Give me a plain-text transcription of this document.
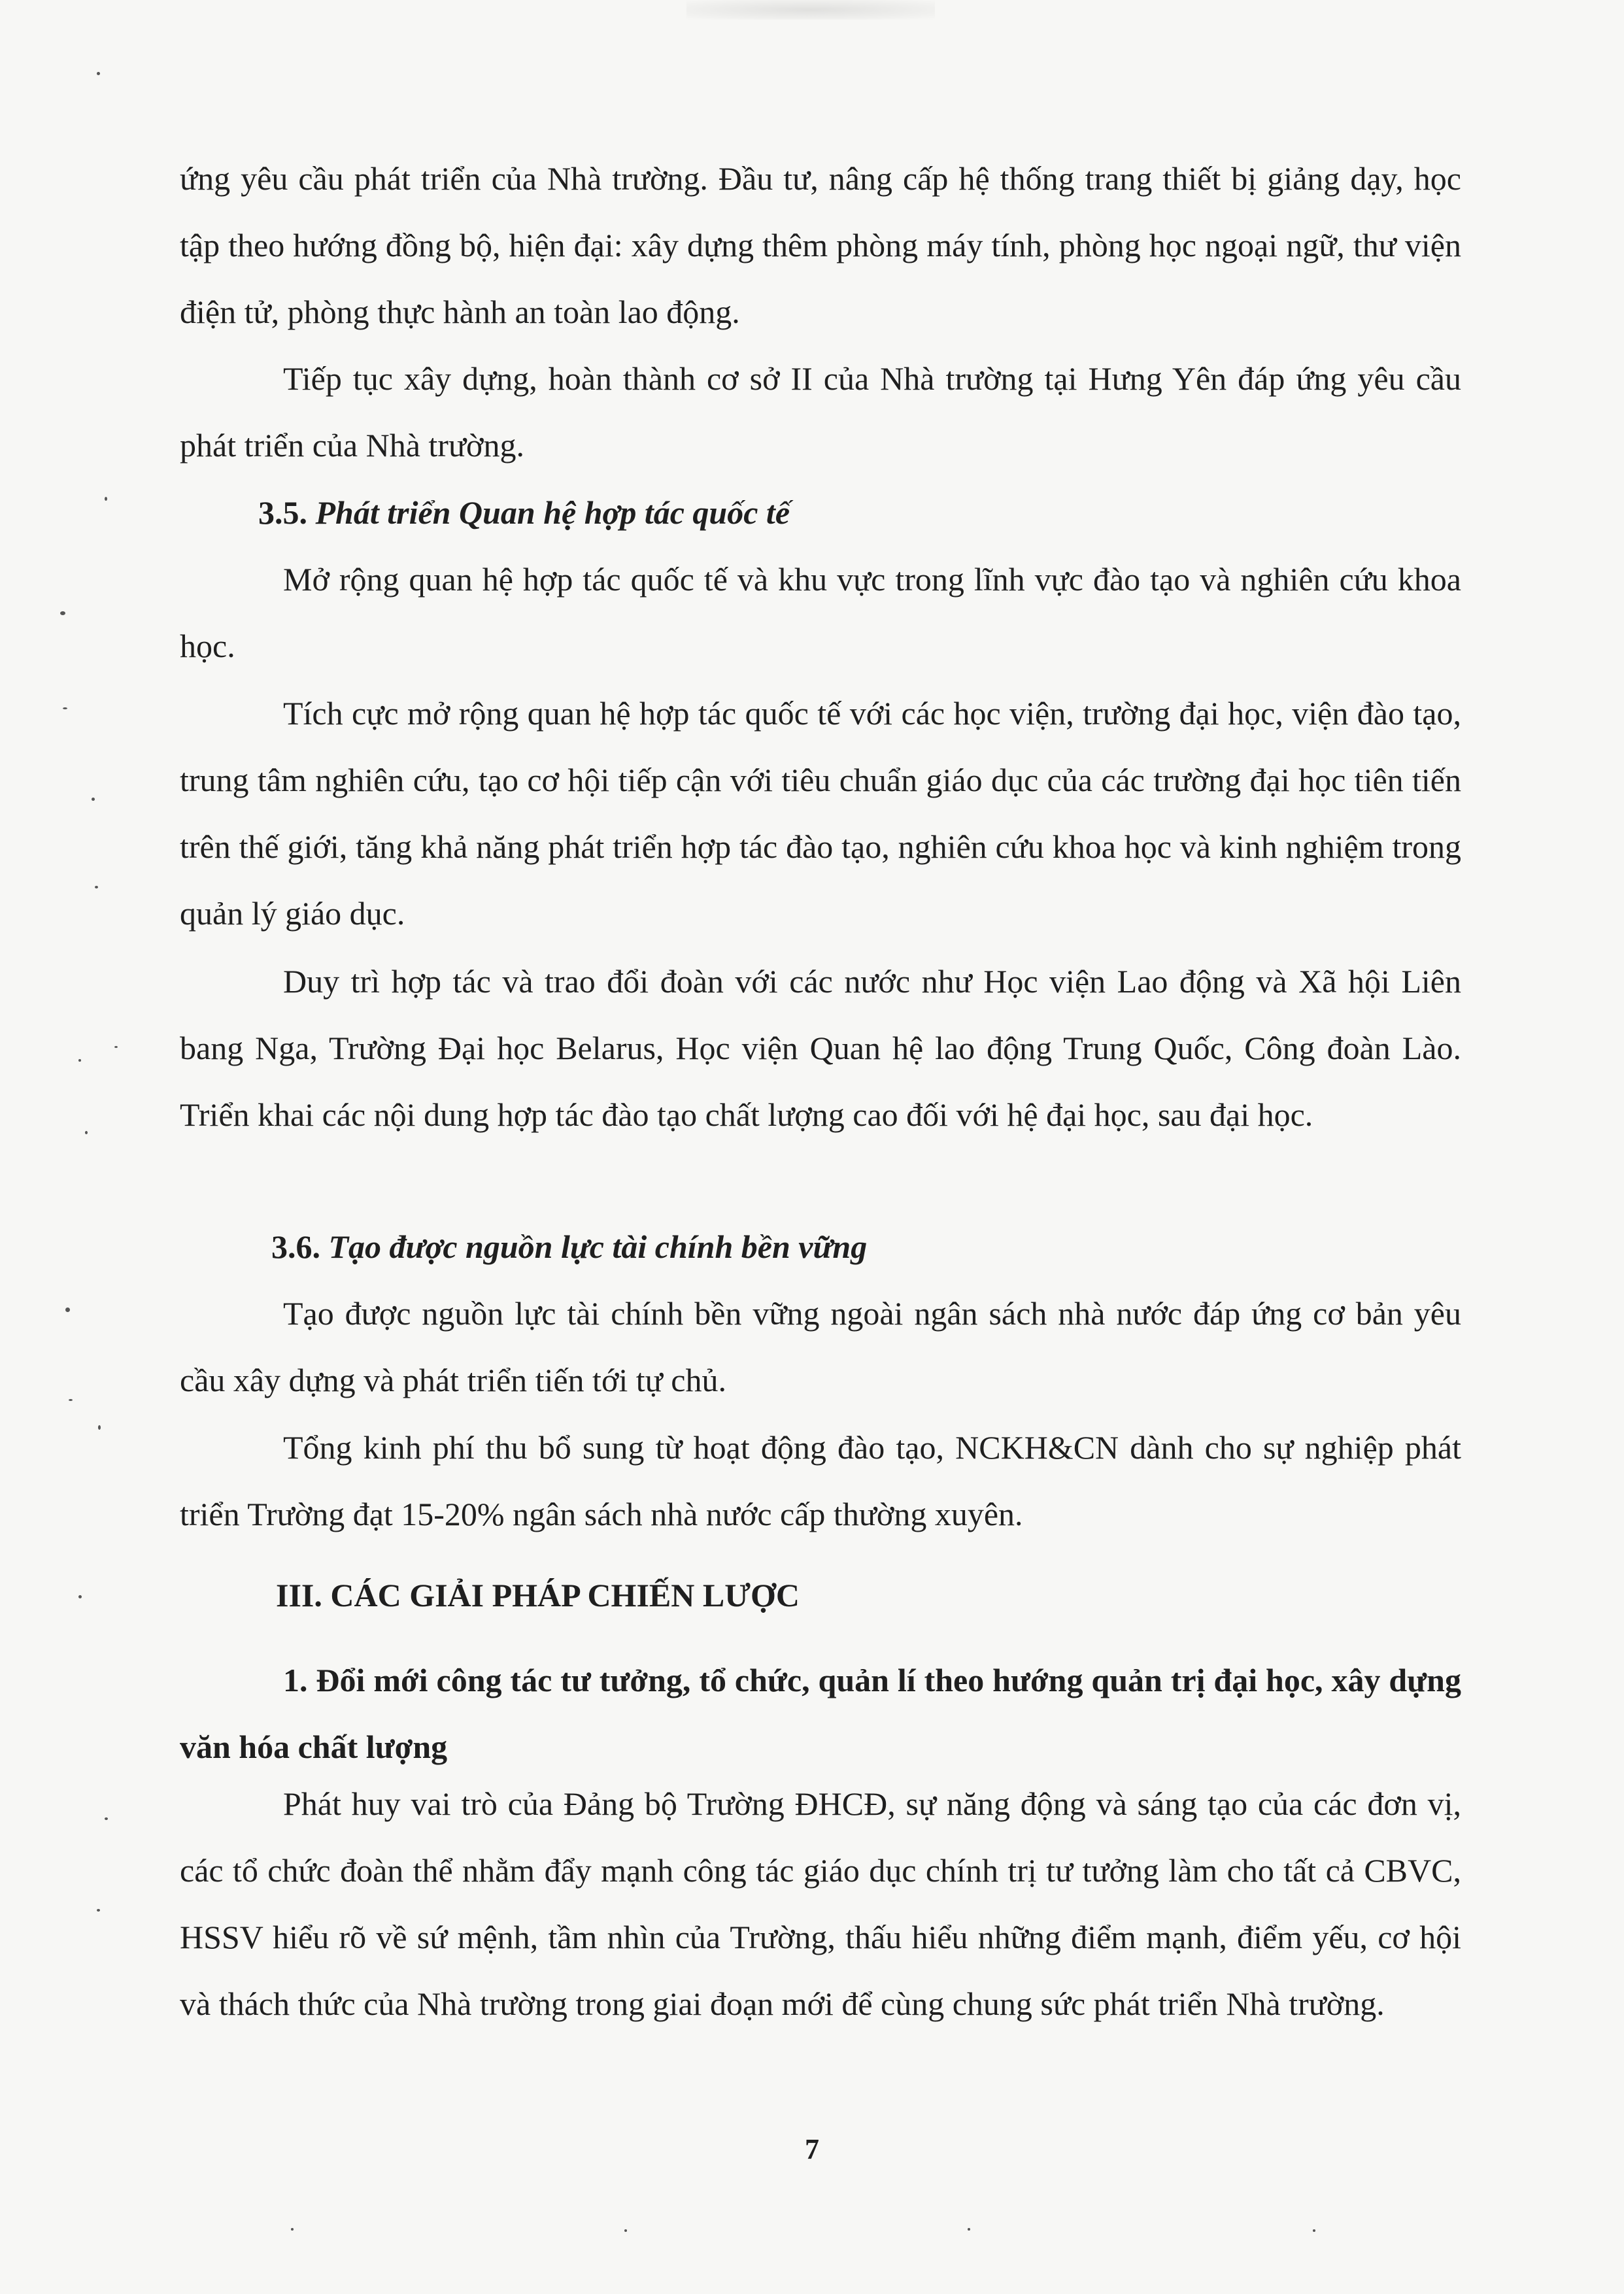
ứng yêu cầu phát triển của Nhà trường. Đầu tư, nâng cấp hệ thống trang thiết bị giảng dạy, học tập theo hướng đồng bộ, hiện đại: xây dựng thêm phòng máy tính, phòng học ngoại ngữ, thư viện điện tử, phòng thực hành an toàn lao động.

Tiếp tục xây dựng, hoàn thành cơ sở II của Nhà trường tại Hưng Yên đáp ứng yêu cầu phát triển của Nhà trường.

3.5. Phát triển Quan hệ hợp tác quốc tế

Mở rộng quan hệ hợp tác quốc tế và khu vực trong lĩnh vực đào tạo và nghiên cứu khoa học.

Tích cực mở rộng quan hệ hợp tác quốc tế với các học viện, trường đại học, viện đào tạo, trung tâm nghiên cứu, tạo cơ hội tiếp cận với tiêu chuẩn giáo dục của các trường đại học tiên tiến trên thế giới, tăng khả năng phát triển hợp tác đào tạo, nghiên cứu khoa học và kinh nghiệm trong quản lý giáo dục.

Duy trì hợp tác và trao đổi đoàn với các nước như Học viện Lao động và Xã hội Liên bang Nga, Trường Đại học Belarus, Học viện Quan hệ lao động Trung Quốc, Công đoàn Lào. Triển khai các nội dung hợp tác đào tạo chất lượng cao đối với hệ đại học, sau đại học.

3.6. Tạo được nguồn lực tài chính bền vững

Tạo được nguồn lực tài chính bền vững ngoài ngân sách nhà nước đáp ứng cơ bản yêu cầu xây dựng và phát triển tiến tới tự chủ.

Tổng kinh phí thu bổ sung từ hoạt động đào tạo, NCKH&CN dành cho sự nghiệp phát triển Trường đạt 15-20% ngân sách nhà nước cấp thường xuyên.

III. CÁC GIẢI PHÁP CHIẾN LƯỢC

1. Đổi mới công tác tư tưởng, tổ chức, quản lí theo hướng quản trị đại học, xây dựng văn hóa chất lượng

Phát huy vai trò của Đảng bộ Trường ĐHCĐ, sự năng động và sáng tạo của các đơn vị, các tổ chức đoàn thể nhằm đẩy mạnh công tác giáo dục chính trị tư tưởng làm cho tất cả CBVC, HSSV hiểu rõ về sứ mệnh, tầm nhìn của Trường, thấu hiểu những điểm mạnh, điểm yếu, cơ hội và thách thức của Nhà trường trong giai đoạn mới để cùng chung sức phát triển Nhà trường.

7
